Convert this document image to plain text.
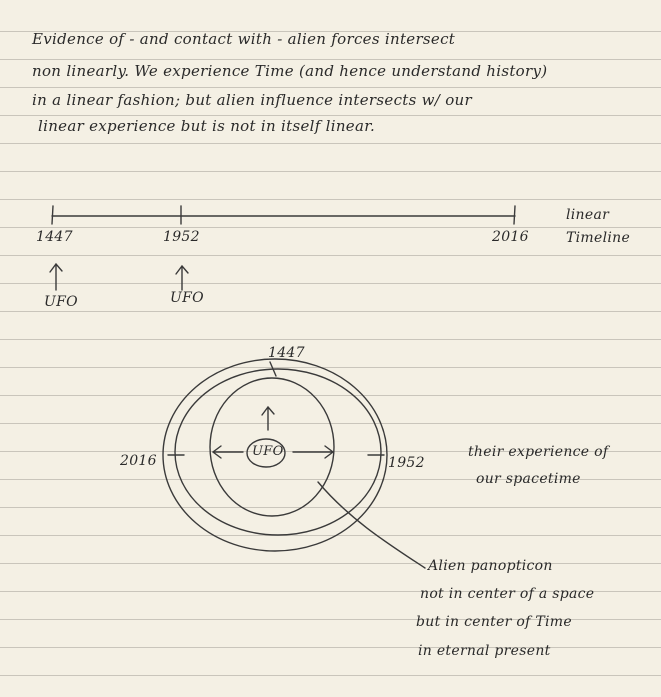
Evidence of - and contact with - alien forces intersect
non linearly. We experience Time (and hence understand history)
in a linear fashion; but alien influence intersects w/ our
linear experience but is not in itself linear.
1447	1952	2016
linear
Timeline
UFO	UFO
1447
2016	1952
UFO	their experience of
our spacetime
Alien panopticon
not in center of a space
but in center of Time
in eternal present
